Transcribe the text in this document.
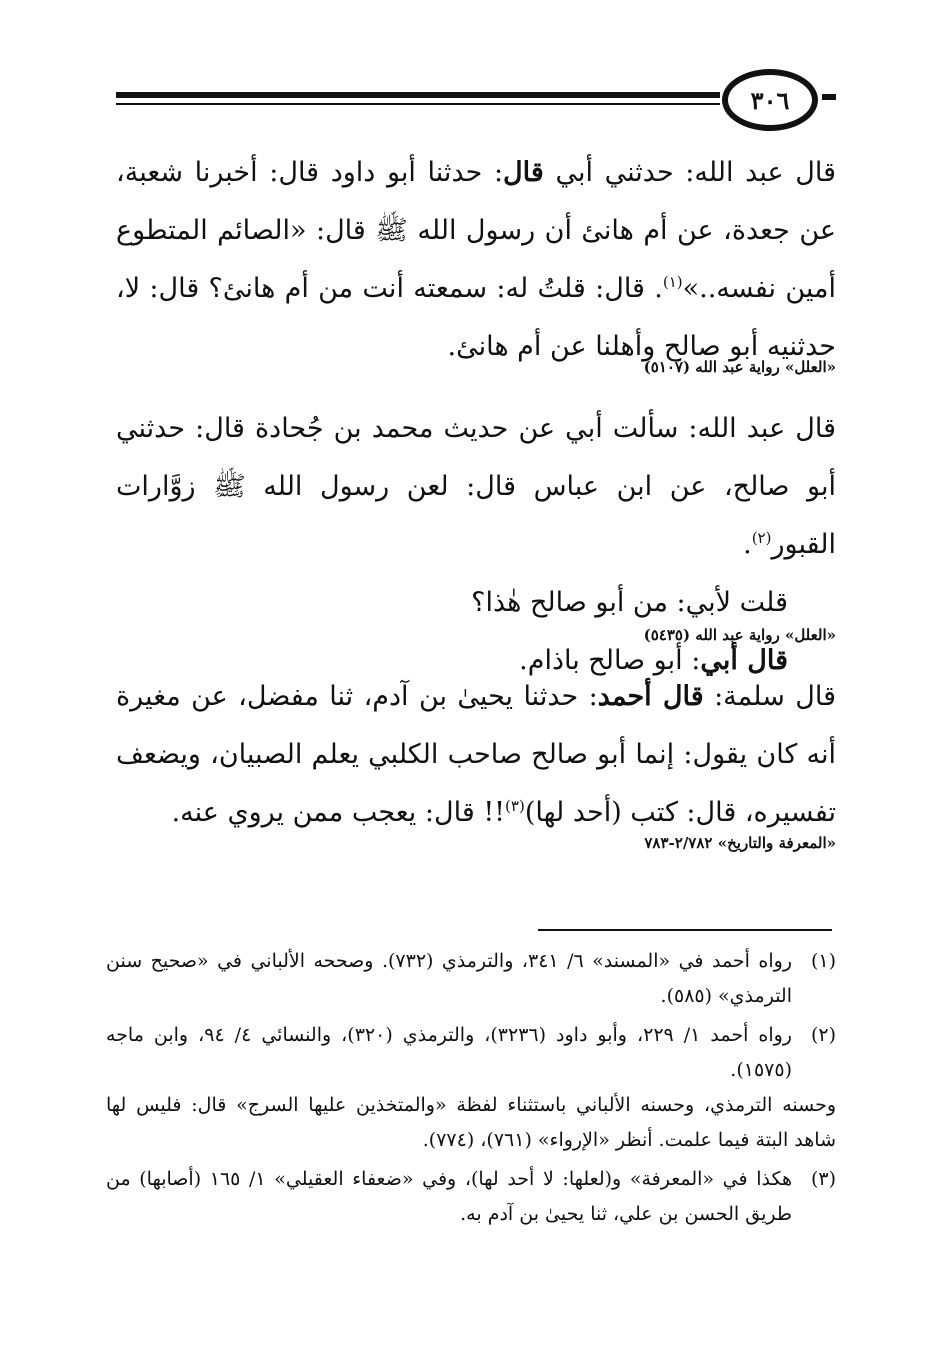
٣٠٦

قال عبد الله: حدثني أبي قال: حدثنا أبو داود قال: أخبرنا شعبة، عن جعدة، عن أم هانئ أن رسول الله ﷺ قال: «الصائم المتطوع أمين نفسه..»$^{(١)}$. قال: قلتُ له: سمعته أنت من أم هانئ؟ قال: لا، حدثنيه أبو صالح وأهلنا عن أم هانئ.

«العلل» رواية عبد الله (٥١٠٧)

قال عبد الله: سألت أبي عن حديث محمد بن جُحادة قال: حدثني أبو صالح، عن ابن عباس قال: لعن رسول الله ﷺ زوَّارات القبور$^{(٢)}$.

قلت لأبي: من أبو صالح هٰذا؟

قال أبي: أبو صالح باذام.

«العلل» رواية عبد الله (٥٤٣٥)

قال سلمة: قال أحمد: حدثنا يحيىٰ بن آدم، ثنا مفضل، عن مغيرة أنه كان يقول: إنما أبو صالح صاحب الكلبي يعلم الصبيان، ويضعف تفسيره، قال: كتب (أحد لها)$^{(٣)}$!! قال: يعجب ممن يروي عنه.

«المعرفة والتاريخ» ٢/٧٨٢-٧٨٣

(١)
رواه أحمد في «المسند» ٦/ ٣٤١، والترمذي (٧٣٢). وصححه الألباني في «صحيح سنن الترمذي» (٥٨٥).
(٢)
رواه أحمد ١/ ٢٢٩، وأبو داود (٣٢٣٦)، والترمذي (٣٢٠)، والنسائي ٤/ ٩٤، وابن ماجه (١٥٧٥).
وحسنه الترمذي، وحسنه الألباني باستثناء لفظة «والمتخذين عليها السرج» قال: فليس لها شاهد البتة فيما علمت. أنظر «الإرواء» (٧٦١)، (٧٧٤).
(٣)
هكذا في «المعرفة» و(لعلها: لا أحد لها)، وفي «ضعفاء العقيلي» ١/ ١٦٥ (أصابها) من طريق الحسن بن علي، ثنا يحيىٰ بن آدم به.
